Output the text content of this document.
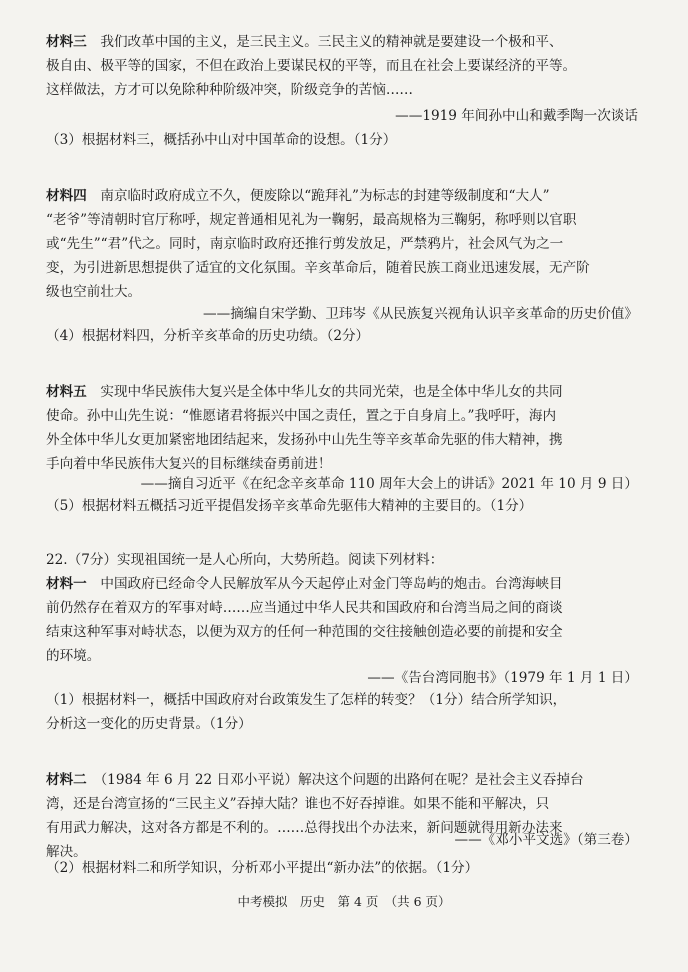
材料三　 我们改革中国的主义，是三民主义。三民主义的精神就是要建设一个极和平、
极自由、极平等的国家，不但在政治上要谋民权的平等，而且在社会上要谋经济的平等。
这样做法，方才可以免除种种阶级冲突，阶级竞争的苦恼……
——1919 年间孙中山和戴季陶一次谈话
（3）根据材料三，概括孙中山对中国革命的设想。（1分）
材料四　 南京临时政府成立不久，便废除以“跪拜礼”为标志的封建等级制度和“大人”
“老爷”等清朝时官厅称呼，规定普通相见礼为一鞠躬，最高规格为三鞠躬，称呼则以官职
或“先生”“君”代之。同时，南京临时政府还推行剪发放足，严禁鸦片，社会风气为之一
变，为引进新思想提供了适宜的文化氛围。辛亥革命后，随着民族工商业迅速发展，无产阶
级也空前壮大。
——摘编自宋学勤、卫玮岑《从民族复兴视角认识辛亥革命的历史价值》
（4）根据材料四，分析辛亥革命的历史功绩。（2分）
材料五　 实现中华民族伟大复兴是全体中华儿女的共同光荣，也是全体中华儿女的共同
使命。孙中山先生说：“惟愿诸君将振兴中国之责任，置之于自身肩上。”我呼吁，海内
外全体中华儿女更加紧密地团结起来，发扬孙中山先生等辛亥革命先驱的伟大精神，携
手向着中华民族伟大复兴的目标继续奋勇前进！
——摘自习近平《在纪念辛亥革命 110 周年大会上的讲话》2021 年 10 月 9 日）
（5）根据材料五概括习近平提倡发扬辛亥革命先驱伟大精神的主要目的。（1分）
22.（7分）实现祖国统一是人心所向，大势所趋。阅读下列材料：
材料一　 中国政府已经命令人民解放军从今天起停止对金门等岛屿的炮击。台湾海峡目
前仍然存在着双方的军事对峙……应当通过中华人民共和国政府和台湾当局之间的商谈
结束这种军事对峙状态，以便为双方的任何一种范围的交往接触创造必要的前提和安全
的环境。
——《告台湾同胞书》（1979 年 1 月 1 日）
（1）根据材料一，概括中国政府对台政策发生了怎样的转变？（1分）结合所学知识，
分析这一变化的历史背景。（1分）
材料二　 （1984 年 6 月 22 日邓小平说）解决这个问题的出路何在呢？是社会主义吞掉台
湾，还是台湾宣扬的“三民主义”吞掉大陆？谁也不好吞掉谁。如果不能和平解决，只
有用武力解决，这对各方都是不利的。……总得找出个办法来，新问题就得用新办法来
解决。
——《邓小平文选》（第三卷）
（2）根据材料二和所学知识，分析邓小平提出“新办法”的依据。（1分）
中考模拟　历史　第 4 页　（共 6 页）
